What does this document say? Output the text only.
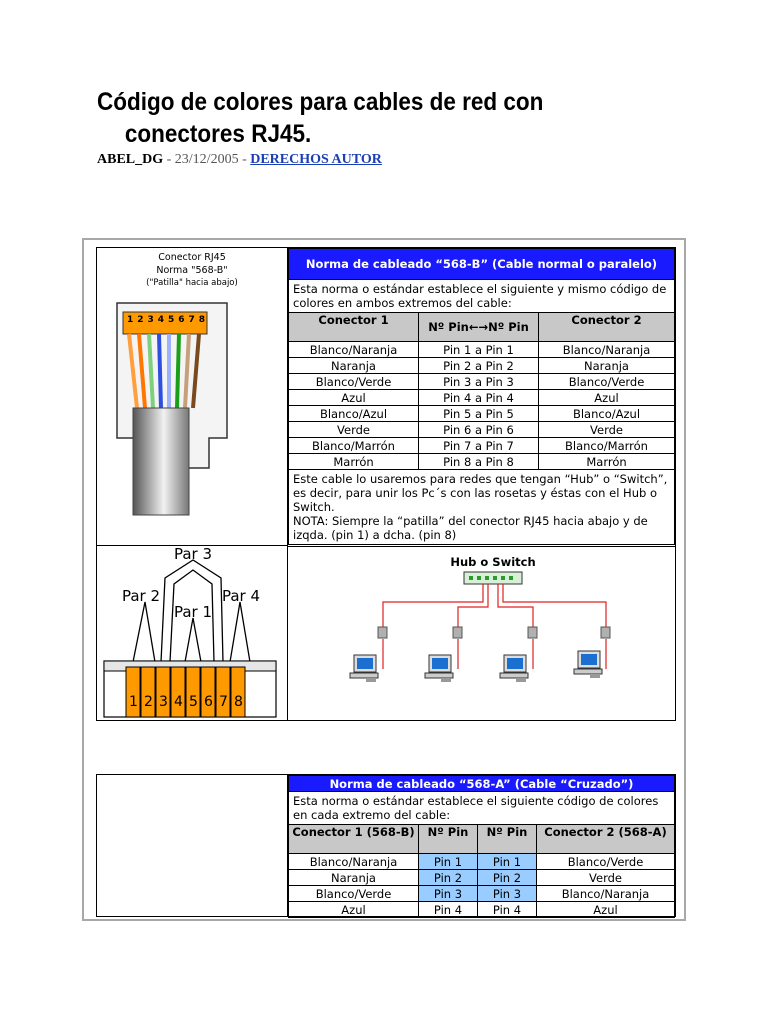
Código de colores para cables de red con
conectores RJ45.
ABEL_DG - 23/12/2005 - DERECHOS AUTOR
Conector RJ45
Norma "568-B"
("Patilla" hacia abajo)
1 2 3 4 5 6 7 8
Norma de cableado “568-B” (Cable normal o paralelo)		
Esta norma o estándar establece el siguiente y mismo código de colores en ambos extremos del cable:		
Conector 1	Nº Pin←→Nº Pin	Conector 2
Blanco/Naranja	Pin 1 a Pin 1	Blanco/Naranja
Naranja	Pin 2 a Pin 2	Naranja
Blanco/Verde	Pin 3 a Pin 3	Blanco/Verde
Azul	Pin 4 a Pin 4	Azul
Blanco/Azul	Pin 5 a Pin 5	Blanco/Azul
Verde	Pin 6 a Pin 6	Verde
Blanco/Marrón	Pin 7 a Pin 7	Blanco/Marrón
Marrón	Pin 8 a Pin 8	Marrón

Este cable lo usaremos para redes que tengan “Hub” o “Switch”, es decir, para unir los Pc´s con las rosetas y éstas con el Hub o Switch.
NOTA: Siempre la “patilla” del conector RJ45 hacia abajo y de izqda. (pin 1) a dcha. (pin 8)		
Par 3
Par 2	Par 4
Par 1
1 2 3 4 5 6 7 8
Hub o Switch
Norma de cableado “568-A” (Cable “Cruzado”)			
Esta norma o estándar establece el siguiente código de colores en cada extremo del cable:			
Conector 1 (568-B)	Nº Pin	Nº Pin	Conector 2 (568-A)
Blanco/Naranja	Pin 1	Pin 1	Blanco/Verde
Naranja	Pin 2	Pin 2	Verde
Blanco/Verde	Pin 3	Pin 3	Blanco/Naranja
Azul	Pin 4	Pin 4	Azul
